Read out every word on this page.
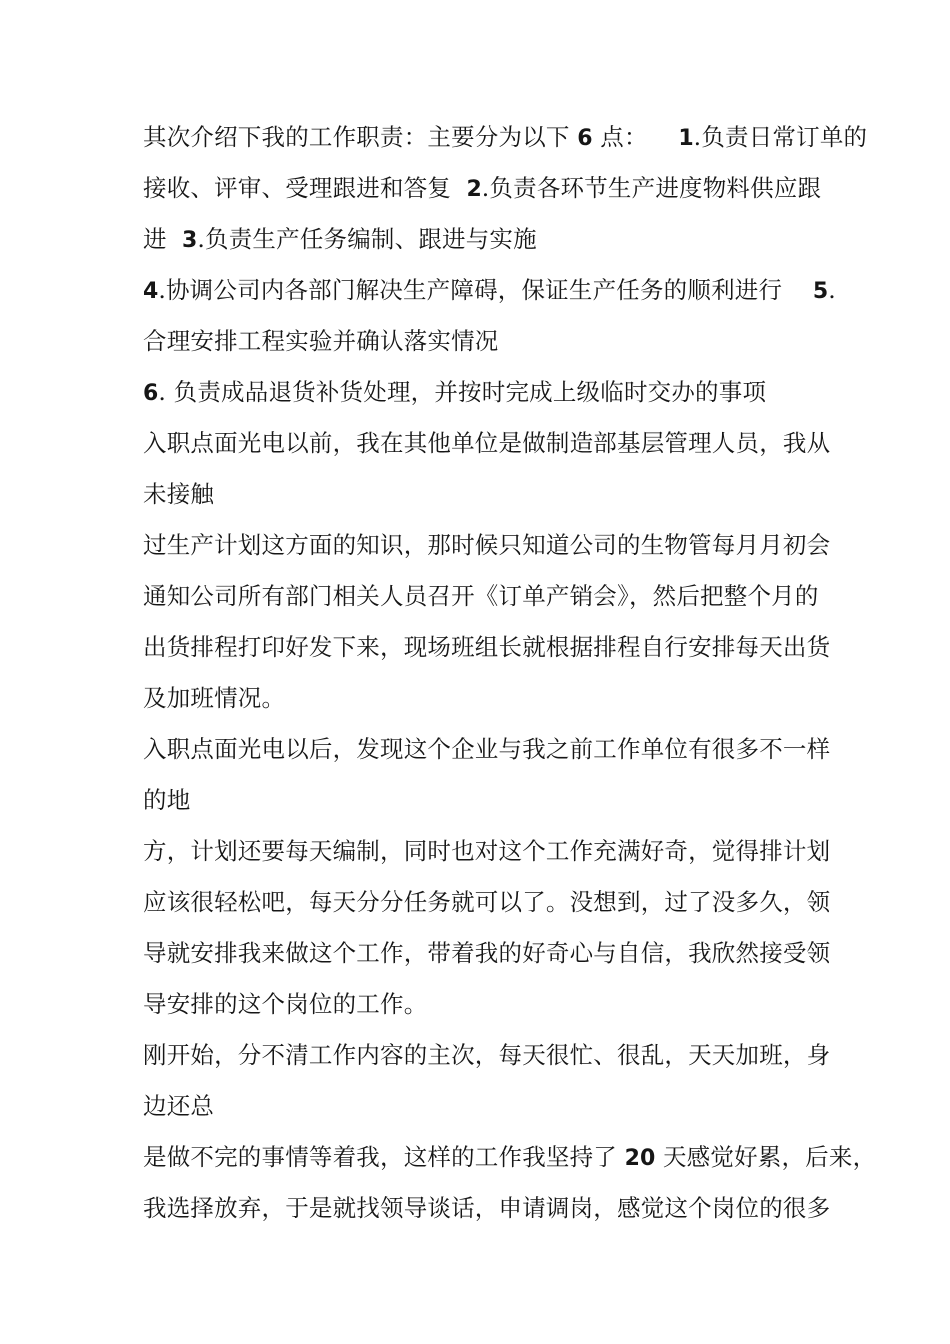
其次介绍下我的工作职责：主要分为以下 6 点：    1.负责日常订单的
接收、评审、受理跟进和答复  2.负责各环节生产进度物料供应跟
进  3.负责生产任务编制、跟进与实施
4.协调公司内各部门解决生产障碍，保证生产任务的顺利进行    5.
合理安排工程实验并确认落实情况
6. 负责成品退货补货处理，并按时完成上级临时交办的事项
入职点面光电以前，我在其他单位是做制造部基层管理人员，我从
未接触
过生产计划这方面的知识，那时候只知道公司的生物管每月月初会
通知公司所有部门相关人员召开《订单产销会》，然后把整个月的
出货排程打印好发下来，现场班组长就根据排程自行安排每天出货
及加班情况。
入职点面光电以后，发现这个企业与我之前工作单位有很多不一样
的地
方，计划还要每天编制，同时也对这个工作充满好奇，觉得排计划
应该很轻松吧，每天分分任务就可以了。没想到，过了没多久，领
导就安排我来做这个工作，带着我的好奇心与自信，我欣然接受领
导安排的这个岗位的工作。
刚开始，分不清工作内容的主次，每天很忙、很乱，天天加班，身
边还总
是做不完的事情等着我，这样的工作我坚持了 20 天感觉好累，后来，
我选择放弃，于是就找领导谈话，申请调岗，感觉这个岗位的很多
